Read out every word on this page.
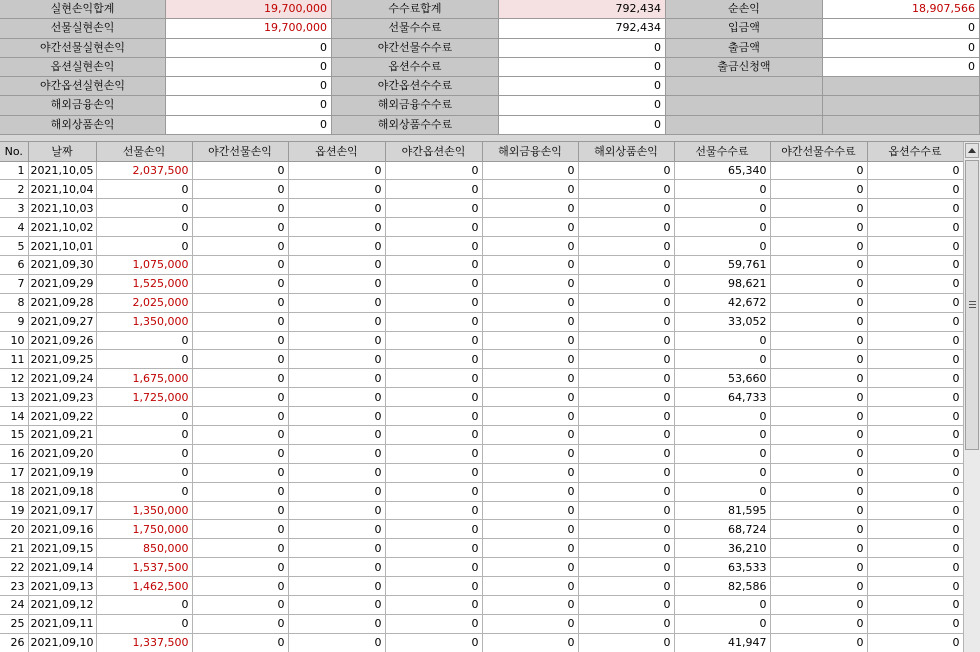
실현손익합계	19,700,000	수수료합계	792,434	순손익	18,907,566
선물실현손익	19,700,000	선물수수료	792,434	입금액	0
야간선물실현손익	0	야간선물수수료	0	출금액	0
옵션실현손익	0	옵션수수료	0	출금신청액	0
야간옵션실현손익	0	야간옵션수수료	0
해외금융손익	0	해외금융수수료	0
해외상품손익	0	해외상품수수료	0
No.	날짜	선물손익	야간선물손익	옵션손익	야간옵션손익	해외금융손익	해외상품손익	선물수수료	야간선물수수료	옵션수수료
1	2021,10,05	2,037,500	0	0	0	0	0	65,340	0	0
2	2021,10,04	0	0	0	0	0	0	0	0	0
3	2021,10,03	0	0	0	0	0	0	0	0	0
4	2021,10,02	0	0	0	0	0	0	0	0	0
5	2021,10,01	0	0	0	0	0	0	0	0	0
6	2021,09,30	1,075,000	0	0	0	0	0	59,761	0	0
7	2021,09,29	1,525,000	0	0	0	0	0	98,621	0	0
8	2021,09,28	2,025,000	0	0	0	0	0	42,672	0	0
9	2021,09,27	1,350,000	0	0	0	0	0	33,052	0	0
10	2021,09,26	0	0	0	0	0	0	0	0	0
11	2021,09,25	0	0	0	0	0	0	0	0	0
12	2021,09,24	1,675,000	0	0	0	0	0	53,660	0	0
13	2021,09,23	1,725,000	0	0	0	0	0	64,733	0	0
14	2021,09,22	0	0	0	0	0	0	0	0	0
15	2021,09,21	0	0	0	0	0	0	0	0	0
16	2021,09,20	0	0	0	0	0	0	0	0	0
17	2021,09,19	0	0	0	0	0	0	0	0	0
18	2021,09,18	0	0	0	0	0	0	0	0	0
19	2021,09,17	1,350,000	0	0	0	0	0	81,595	0	0
20	2021,09,16	1,750,000	0	0	0	0	0	68,724	0	0
21	2021,09,15	850,000	0	0	0	0	0	36,210	0	0
22	2021,09,14	1,537,500	0	0	0	0	0	63,533	0	0
23	2021,09,13	1,462,500	0	0	0	0	0	82,586	0	0
24	2021,09,12	0	0	0	0	0	0	0	0	0
25	2021,09,11	0	0	0	0	0	0	0	0	0
26	2021,09,10	1,337,500	0	0	0	0	0	41,947	0	0
